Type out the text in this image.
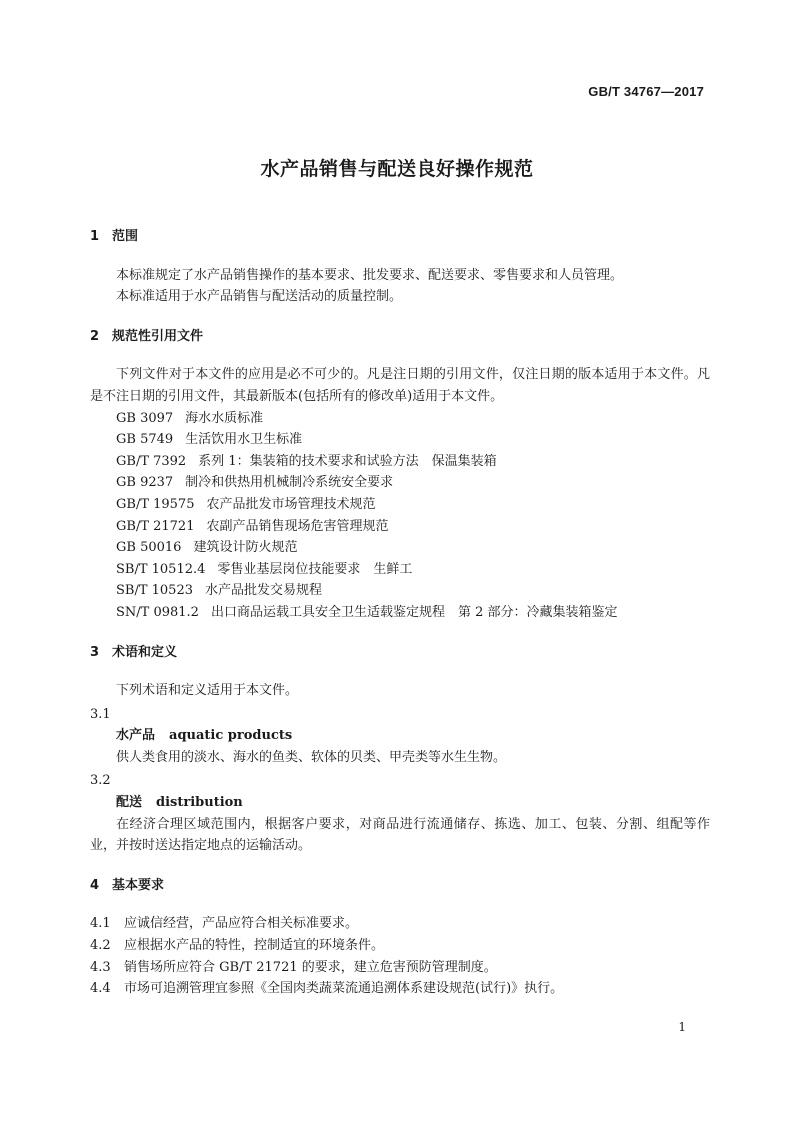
GB/T 34767—2017
水产品销售与配送良好操作规范
1 范围
本标准规定了水产品销售操作的基本要求、批发要求、配送要求、零售要求和人员管理。
本标准适用于水产品销售与配送活动的质量控制。
2 规范性引用文件
下列文件对于本文件的应用是必不可少的。凡是注日期的引用文件，仅注日期的版本适用于本文件。凡是不注日期的引用文件，其最新版本(包括所有的修改单)适用于本文件。
GB 3097 海水水质标准
GB 5749 生活饮用水卫生标准
GB/T 7392 系列 1：集装箱的技术要求和试验方法　保温集装箱
GB 9237 制冷和供热用机械制冷系统安全要求
GB/T 19575 农产品批发市场管理技术规范
GB/T 21721 农副产品销售现场危害管理规范
GB 50016 建筑设计防火规范
SB/T 10512.4 零售业基层岗位技能要求　生鲜工
SB/T 10523 水产品批发交易规程
SN/T 0981.2 出口商品运载工具安全卫生适载鉴定规程　第 2 部分：冷藏集装箱鉴定
3 术语和定义
下列术语和定义适用于本文件。
3.1
水产品 aquatic products
供人类食用的淡水、海水的鱼类、软体的贝类、甲壳类等水生生物。
3.2
配送 distribution
在经济合理区域范围内，根据客户要求，对商品进行流通储存、拣选、加工、包装、分割、组配等作业，并按时送达指定地点的运输活动。
4 基本要求
4.1 应诚信经营，产品应符合相关标准要求。
4.2 应根据水产品的特性，控制适宜的环境条件。
4.3 销售场所应符合 GB/T 21721 的要求，建立危害预防管理制度。
4.4 市场可追溯管理宜参照《全国肉类蔬菜流通追溯体系建设规范(试行)》执行。
1
